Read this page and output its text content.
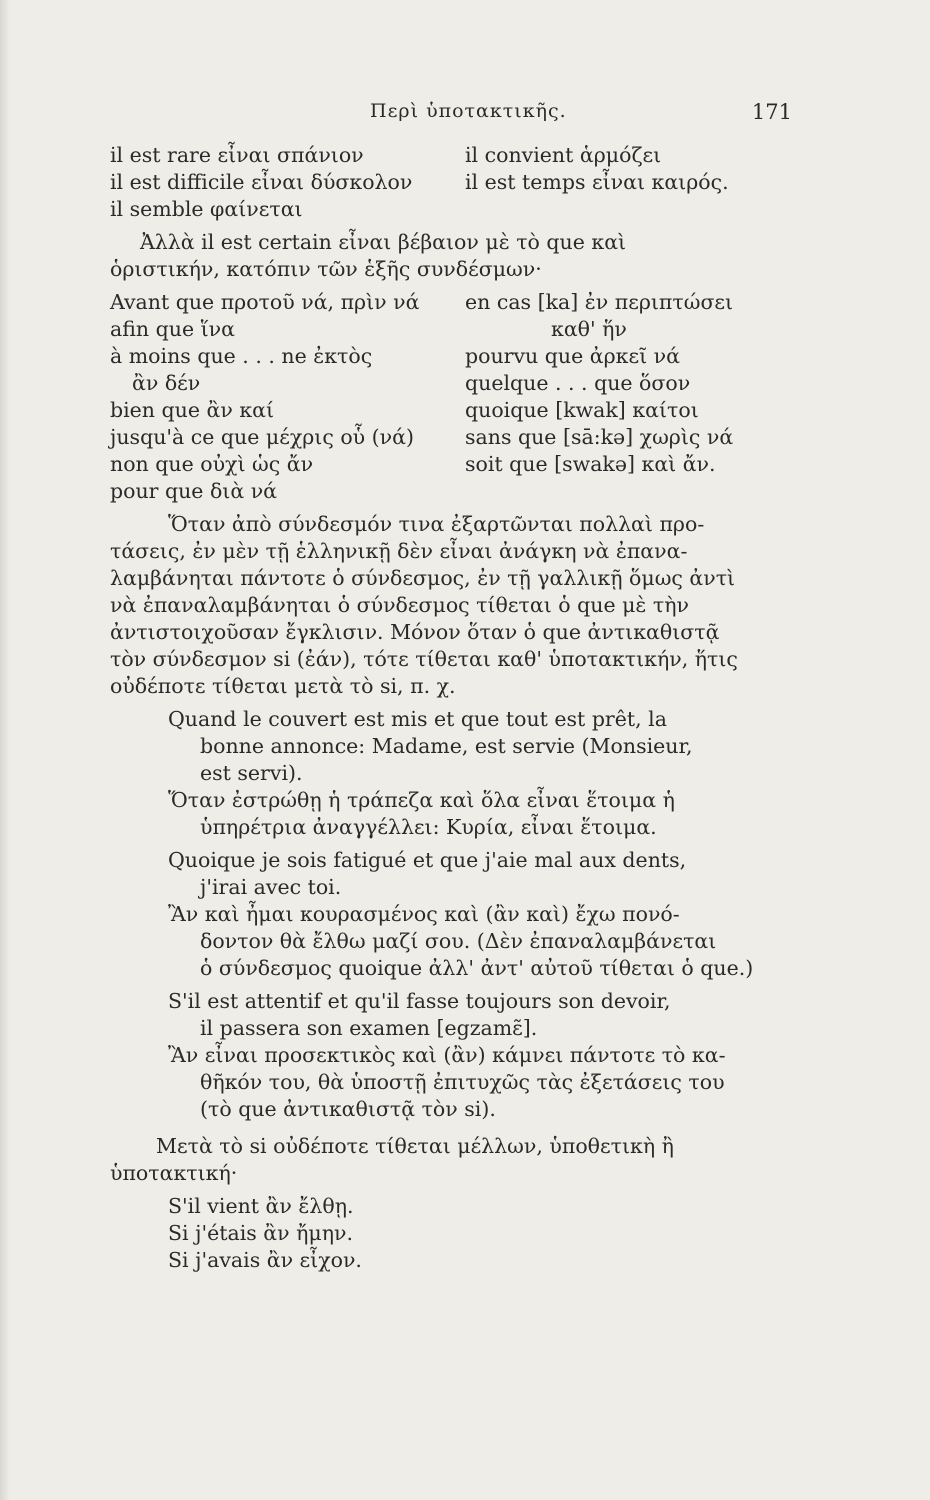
Περὶ ὑποτακτικῆς.	171
il est rare εἶναι σπάνιον	il convient ἁρμόζει
il est difficile εἶναι δύσκολον	il est temps εἶναι καιρός.
il semble φαίνεται
Ἀλλὰ il est certain εἶναι βέβαιον μὲ τὸ que καὶ
ὁριστικήν, κατόπιν τῶν ἑξῆς συνδέσμων·
Avant que προτοῦ νά, πρὶν νά	en cas [ka] ἐν περιπτώσει
afin que ἵνα	καθ' ἥν
à moins que . . . ne ἐκτὸς	pourvu que ἀρκεῖ νά
ἂν δέν	quelque . . . que ὅσον
bien que ἂν καί	quoique [kwak] καίτοι
jusqu'à ce que μέχρις οὗ (νά)	sans que [sā:kə] χωρὶς νά
non que οὐχὶ ὡς ἄν	soit que [swakə] καὶ ἄν.
pour que διὰ νά
Ὅταν ἀπὸ σύνδεσμόν τινα ἐξαρτῶνται πολλαὶ προ-
τάσεις, ἐν μὲν τῇ ἑλληνικῇ δὲν εἶναι ἀνάγκη νὰ ἐπανα-
λαμβάνηται πάντοτε ὁ σύνδεσμος, ἐν τῇ γαλλικῇ ὅμως ἀντὶ
νὰ ἐπαναλαμβάνηται ὁ σύνδεσμος τίθεται ὁ que μὲ τὴν
ἀντιστοιχοῦσαν ἔγκλισιν. Μόνον ὅταν ὁ que ἀντικαθιστᾷ
τὸν σύνδεσμον si (ἐάν), τότε τίθεται καθ' ὑποτακτικήν, ἥτις
οὐδέποτε τίθεται μετὰ τὸ si, π. χ.
Quand le couvert est mis et que tout est prêt, la
bonne annonce: Madame, est servie (Monsieur,
est servi).
Ὅταν ἐστρώθῃ ἡ τράπεζα καὶ ὅλα εἶναι ἕτοιμα ἡ
ὑπηρέτρια ἀναγγέλλει: Κυρία, εἶναι ἕτοιμα.
Quoique je sois fatigué et que j'aie mal aux dents,
j'irai avec toi.
Ἂν καὶ ἦμαι κουρασμένος καὶ (ἂν καὶ) ἔχω πονό-
δοντον θὰ ἔλθω μαζί σου. (Δὲν ἐπαναλαμβάνεται
ὁ σύνδεσμος quoique ἀλλ' ἀντ' αὐτοῦ τίθεται ὁ que.)
S'il est attentif et qu'il fasse toujours son devoir,
il passera son examen [egzamɛ̃].
Ἂν εἶναι προσεκτικὸς καὶ (ἂν) κάμνει πάντοτε τὸ κα-
θῆκόν του, θὰ ὑποστῇ ἐπιτυχῶς τὰς ἐξετάσεις του
(τὸ que ἀντικαθιστᾷ τὸν si).
Μετὰ τὸ si οὐδέποτε τίθεται μέλλων, ὑποθετικὴ ἢ
ὑποτακτική·
S'il vient ἂν ἔλθῃ.
Si j'étais ἂν ἤμην.
Si j'avais ἂν εἶχον.
